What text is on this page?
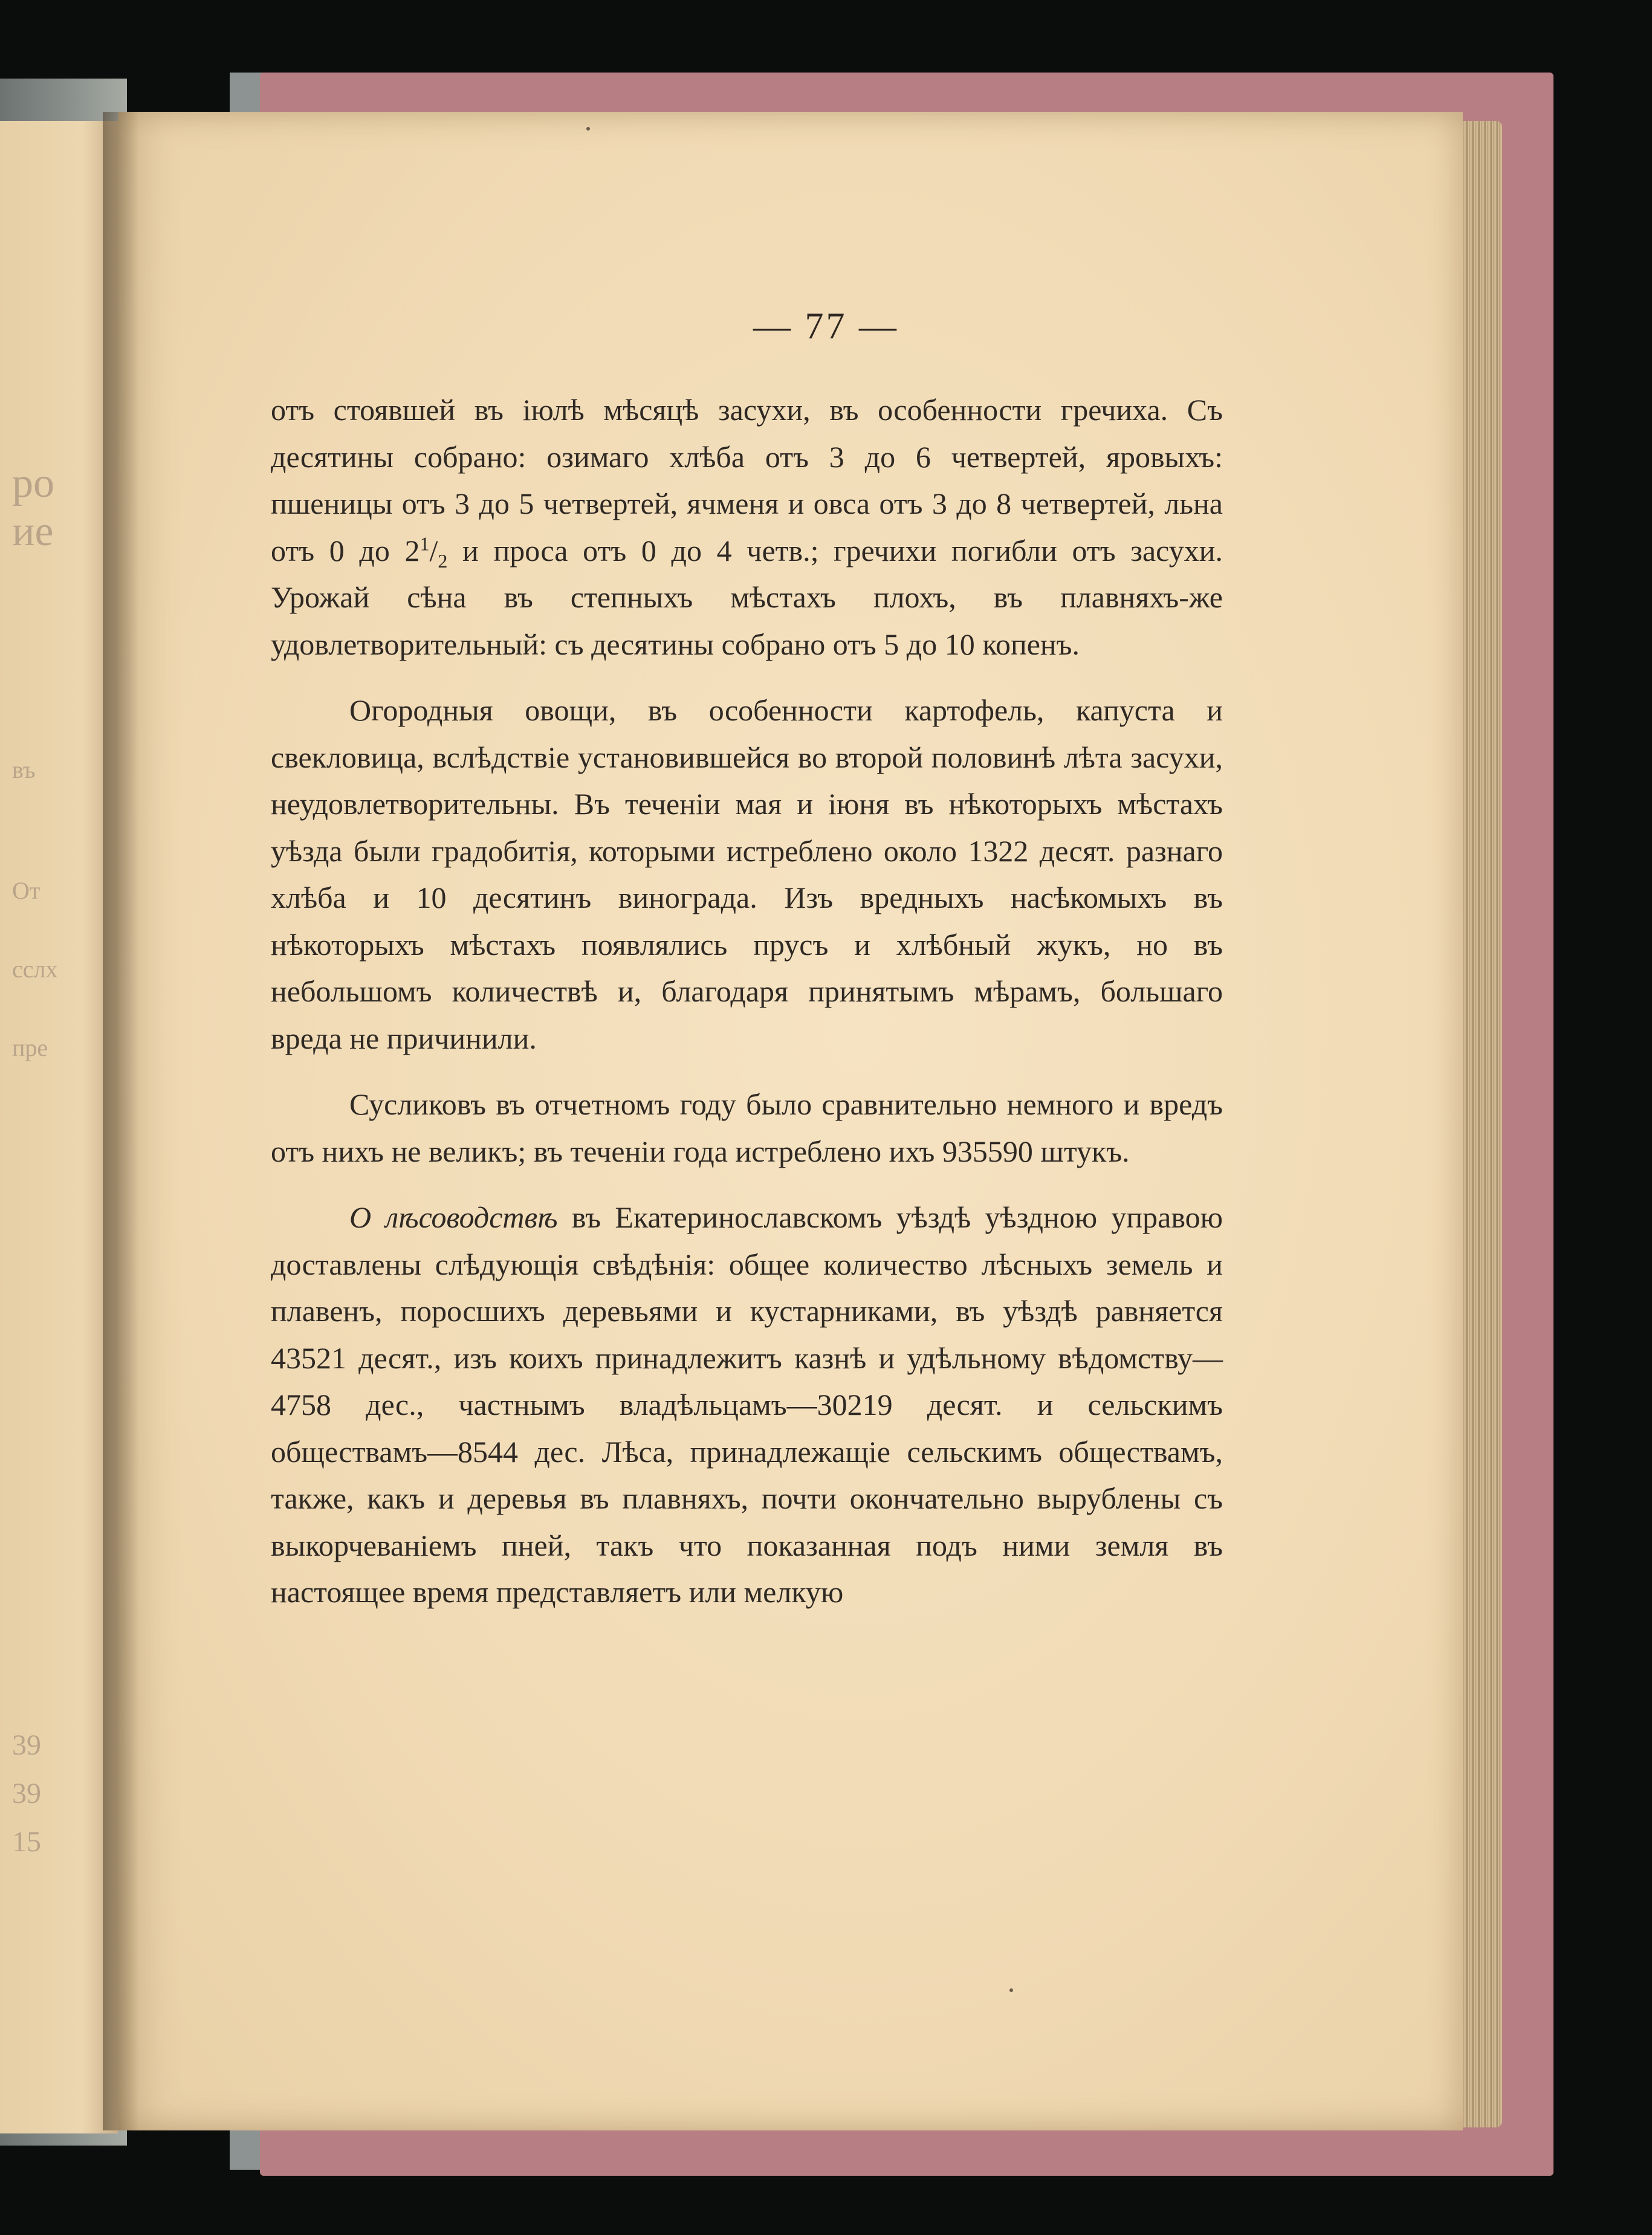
ро
ие
въ
От
сслх
пре
39
39
15
— 77 —

отъ стоявшей въ іюлѣ мѣсяцѣ засухи, въ особенности гречиха. Съ десятины собрано: озимаго хлѣба отъ 3 до 6 четвертей, яровыхъ: пшеницы отъ 3 до 5 четвертей, ячменя и овса отъ 3 до 8 четвертей, льна отъ 0 до $2^1/_2$ и проса отъ 0 до 4 четв.; гречихи погибли отъ засухи. Урожай сѣна въ степныхъ мѣстахъ плохъ, въ плавняхъ-же удовлетворительный: съ десятины собрано отъ 5 до 10 копенъ.

Огородныя овощи, въ особенности картофель, капуста и свекловица, вслѣдствіе установившейся во второй половинѣ лѣта засухи, неудовлетворительны. Въ теченіи мая и іюня въ нѣкоторыхъ мѣстахъ уѣзда были градобитія, которыми истреблено около 1322 десят. разнаго хлѣба и 10 десятинъ винограда. Изъ вредныхъ насѣкомыхъ въ нѣкоторыхъ мѣстахъ появлялись прусъ и хлѣбный жукъ, но въ небольшомъ количествѣ и, благодаря принятымъ мѣрамъ, большаго вреда не причинили.

Сусликовъ въ отчетномъ году было сравнительно немного и вредъ отъ нихъ не великъ; въ теченіи года истреблено ихъ 935590 штукъ.

О лѣсоводствѣ въ Екатеринославскомъ уѣздѣ уѣздною управою доставлены слѣдующія свѣдѣнія: общее количество лѣсныхъ земель и плавенъ, поросшихъ деревьями и кустарниками, въ уѣздѣ равняется 43521 десят., изъ коихъ принадлежитъ казнѣ и удѣльному вѣдомству—4758 дес., частнымъ владѣльцамъ—30219 десят. и сельскимъ обществамъ—8544 дес. Лѣса, принадлежащіе сельскимъ обществамъ, также, какъ и деревья въ плавняхъ, почти окончательно вырублены съ выкорчеваніемъ пней, такъ что показанная подъ ними земля въ настоящее время представляетъ или мелкую
